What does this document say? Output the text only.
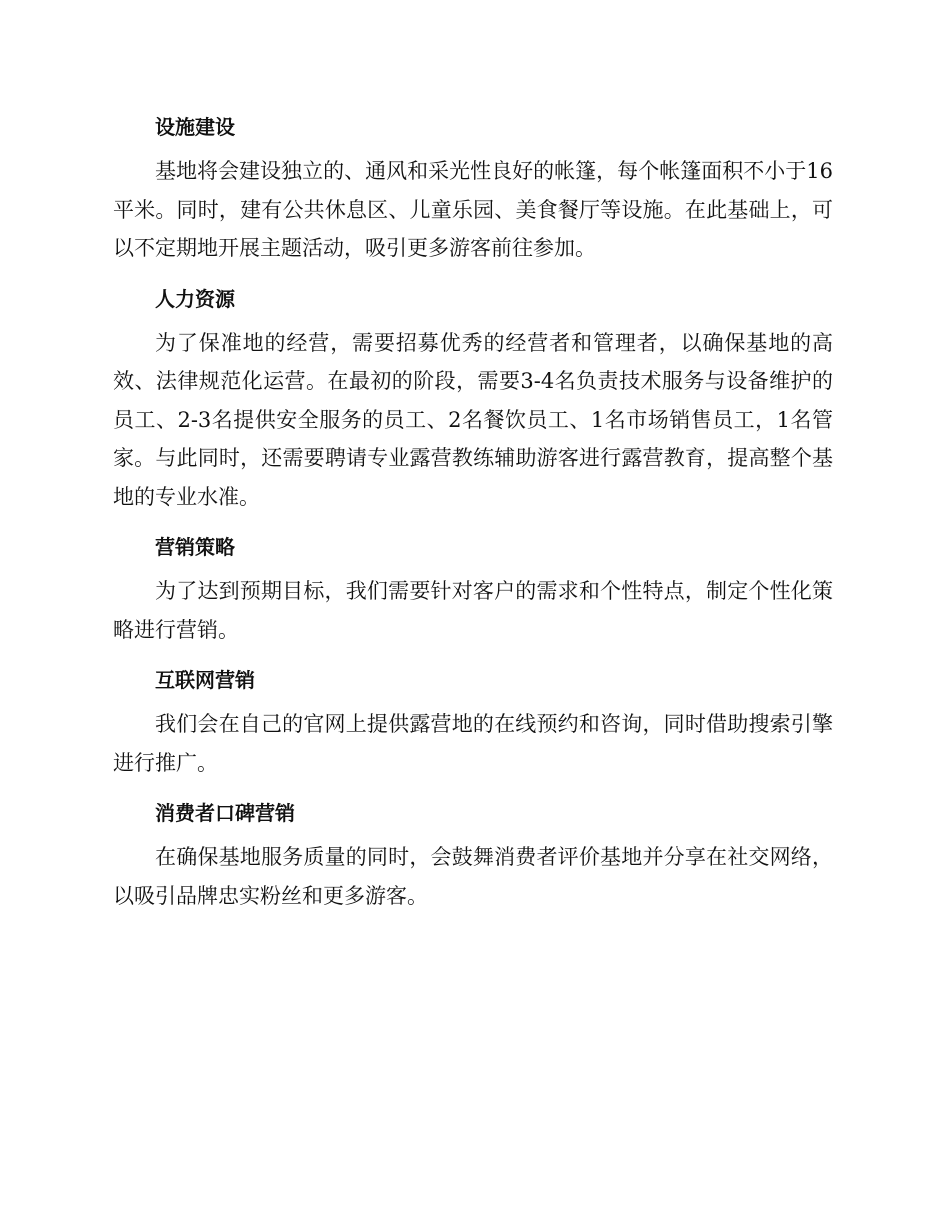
设施建设
基地将会建设独立的、通风和采光性良好的帐篷，每个帐篷面积不小于16平米。同时，建有公共休息区、儿童乐园、美食餐厅等设施。在此基础上，可以不定期地开展主题活动，吸引更多游客前往参加。
人力资源
为了保准地的经营，需要招募优秀的经营者和管理者，以确保基地的高效、法律规范化运营。在最初的阶段，需要3-4名负责技术服务与设备维护的员工、2-3名提供安全服务的员工、2名餐饮员工、1名市场销售员工，1名管家。与此同时，还需要聘请专业露营教练辅助游客进行露营教育，提高整个基地的专业水准。
营销策略
为了达到预期目标，我们需要针对客户的需求和个性特点，制定个性化策略进行营销。
互联网营销
我们会在自己的官网上提供露营地的在线预约和咨询，同时借助搜索引擎进行推广。
消费者口碑营销
在确保基地服务质量的同时，会鼓舞消费者评价基地并分享在社交网络，以吸引品牌忠实粉丝和更多游客。
